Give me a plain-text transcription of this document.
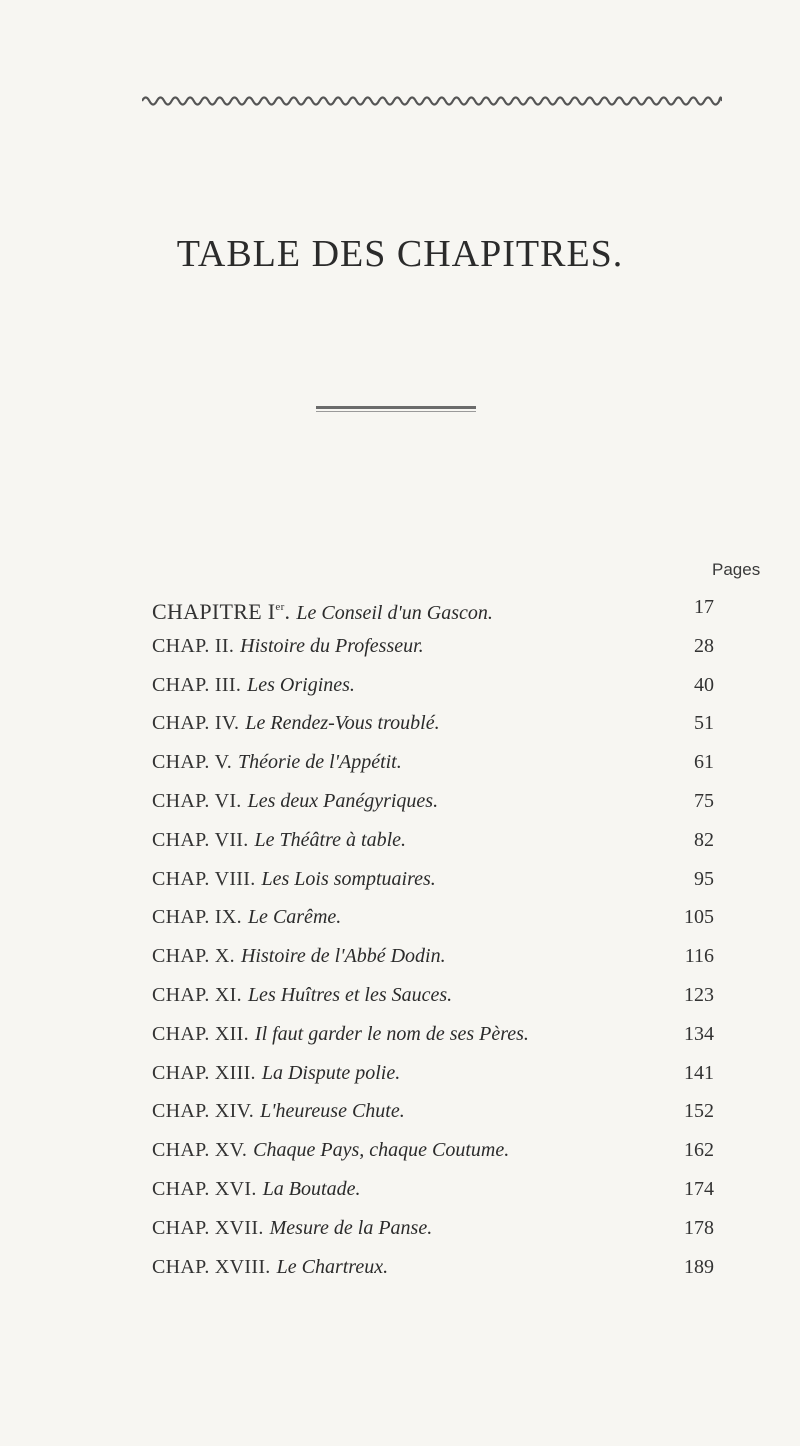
TABLE DES CHAPITRES.
Pages
CHAPITRE Ier. Le Conseil d'un Gascon.	17
CHAP. II. Histoire du Professeur.	28
CHAP. III. Les Origines.	40
CHAP. IV. Le Rendez-Vous troublé.	51
CHAP. V. Théorie de l'Appétit.	61
CHAP. VI. Les deux Panégyriques.	75
CHAP. VII. Le Théâtre à table.	82
CHAP. VIII. Les Lois somptuaires.	95
CHAP. IX. Le Carême.	105
CHAP. X. Histoire de l'Abbé Dodin.	116
CHAP. XI. Les Huîtres et les Sauces.	123
CHAP. XII. Il faut garder le nom de ses Pères.	134
CHAP. XIII. La Dispute polie.	141
CHAP. XIV. L'heureuse Chute.	152
CHAP. XV. Chaque Pays, chaque Coutume.	162
CHAP. XVI. La Boutade.	174
CHAP. XVII. Mesure de la Panse.	178
CHAP. XVIII. Le Chartreux.	189
